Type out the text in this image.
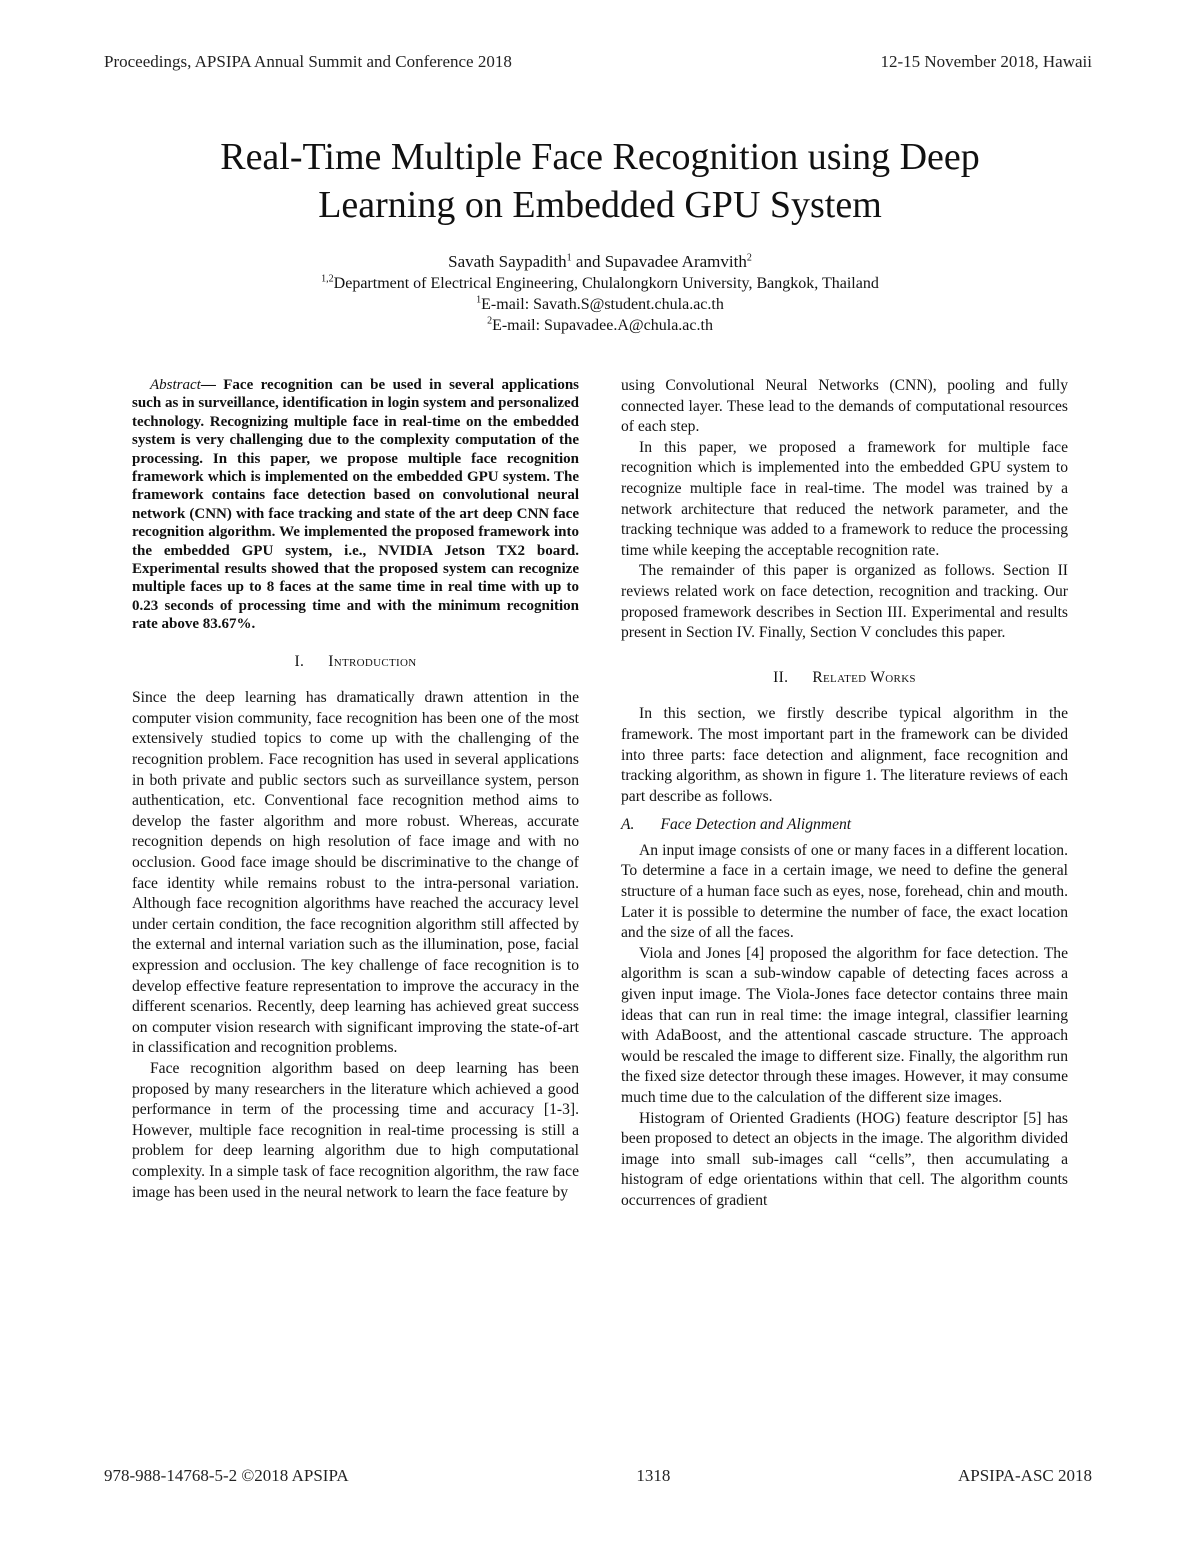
Proceedings, APSIPA Annual Summit and Conference 2018	12-15 November 2018, Hawaii
Real-Time Multiple Face Recognition using Deep
Learning on Embedded GPU System
Savath Saypadith$^1$ and Supavadee Aramvith$^2$
$^{1,2}$Department of Electrical Engineering, Chulalongkorn University, Bangkok, Thailand
$^1$E-mail: Savath.S@student.chula.ac.th
$^2$E-mail: Supavadee.A@chula.ac.th

Abstract— Face recognition can be used in several applications such as in surveillance, identification in login system and personalized technology. Recognizing multiple face in real-time on the embedded system is very challenging due to the complexity computation of the processing. In this paper, we propose multiple face recognition framework which is implemented on the embedded GPU system. The framework contains face detection based on convolutional neural network (CNN) with face tracking and state of the art deep CNN face recognition algorithm. We implemented the proposed framework into the embedded GPU system, i.e., NVIDIA Jetson TX2 board. Experimental results showed that the proposed system can recognize multiple faces up to 8 faces at the same time in real time with up to 0.23 seconds of processing time and with the minimum recognition rate above 83.67%.

I. Introduction

Since the deep learning has dramatically drawn attention in the computer vision community, face recognition has been one of the most extensively studied topics to come up with the challenging of the recognition problem. Face recognition has used in several applications in both private and public sectors such as surveillance system, person authentication, etc. Conventional face recognition method aims to develop the faster algorithm and more robust. Whereas, accurate recognition depends on high resolution of face image and with no occlusion. Good face image should be discriminative to the change of face identity while remains robust to the intra-personal variation. Although face recognition algorithms have reached the accuracy level under certain condition, the face recognition algorithm still affected by the external and internal variation such as the illumination, pose, facial expression and occlusion. The key challenge of face recognition is to develop effective feature representation to improve the accuracy in the different scenarios. Recently, deep learning has achieved great success on computer vision research with significant improving the state-of-art in classification and recognition problems.

Face recognition algorithm based on deep learning has been proposed by many researchers in the literature which achieved a good performance in term of the processing time and accuracy [1-3]. However, multiple face recognition in real-time processing is still a problem for deep learning algorithm due to high computational complexity. In a simple task of face recognition algorithm, the raw face image has been used in the neural network to learn the face feature by

using Convolutional Neural Networks (CNN), pooling and fully connected layer. These lead to the demands of computational resources of each step.

In this paper, we proposed a framework for multiple face recognition which is implemented into the embedded GPU system to recognize multiple face in real-time. The model was trained by a network architecture that reduced the network parameter, and the tracking technique was added to a framework to reduce the processing time while keeping the acceptable recognition rate.

The remainder of this paper is organized as follows. Section II reviews related work on face detection, recognition and tracking. Our proposed framework describes in Section III. Experimental and results present in Section IV. Finally, Section V concludes this paper.

II. Related Works

In this section, we firstly describe typical algorithm in the framework. The most important part in the framework can be divided into three parts: face detection and alignment, face recognition and tracking algorithm, as shown in figure 1. The literature reviews of each part describe as follows.

A. Face Detection and Alignment

An input image consists of one or many faces in a different location. To determine a face in a certain image, we need to define the general structure of a human face such as eyes, nose, forehead, chin and mouth. Later it is possible to determine the number of face, the exact location and the size of all the faces.

Viola and Jones [4] proposed the algorithm for face detection. The algorithm is scan a sub-window capable of detecting faces across a given input image. The Viola-Jones face detector contains three main ideas that can run in real time: the image integral, classifier learning with AdaBoost, and the attentional cascade structure. The approach would be rescaled the image to different size. Finally, the algorithm run the fixed size detector through these images. However, it may consume much time due to the calculation of the different size images.

Histogram of Oriented Gradients (HOG) feature descriptor [5] has been proposed to detect an objects in the image. The algorithm divided image into small sub-images call “cells”, then accumulating a histogram of edge orientations within that cell. The algorithm counts occurrences of gradient

978-988-14768-5-2 ©2018 APSIPA	1318	APSIPA-ASC 2018
